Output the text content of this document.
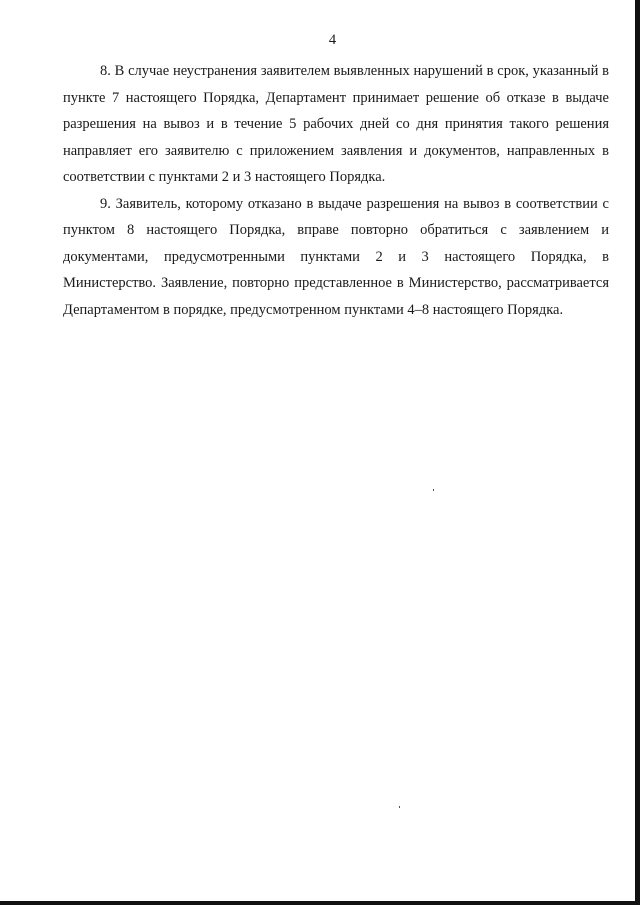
4

8. В случае неустранения заявителем выявленных нарушений в срок, указанный в пункте 7 настоящего Порядка, Департамент принимает решение об отказе в выдаче разрешения на вывоз и в течение 5 рабочих дней со дня принятия такого решения направляет его заявителю с приложением заявления и документов, направленных в соответствии с пунктами 2 и 3 настоящего Порядка.

9. Заявитель, которому отказано в выдаче разрешения на вывоз в соответствии с пунктом 8 настоящего Порядка, вправе повторно обратиться с заявлением и документами, предусмотренными пунктами 2 и 3 настоящего Порядка, в Министерство. Заявление, повторно представленное в Министерство, рассматривается Департаментом в порядке, предусмотренном пунктами 4–8 настоящего Порядка.
